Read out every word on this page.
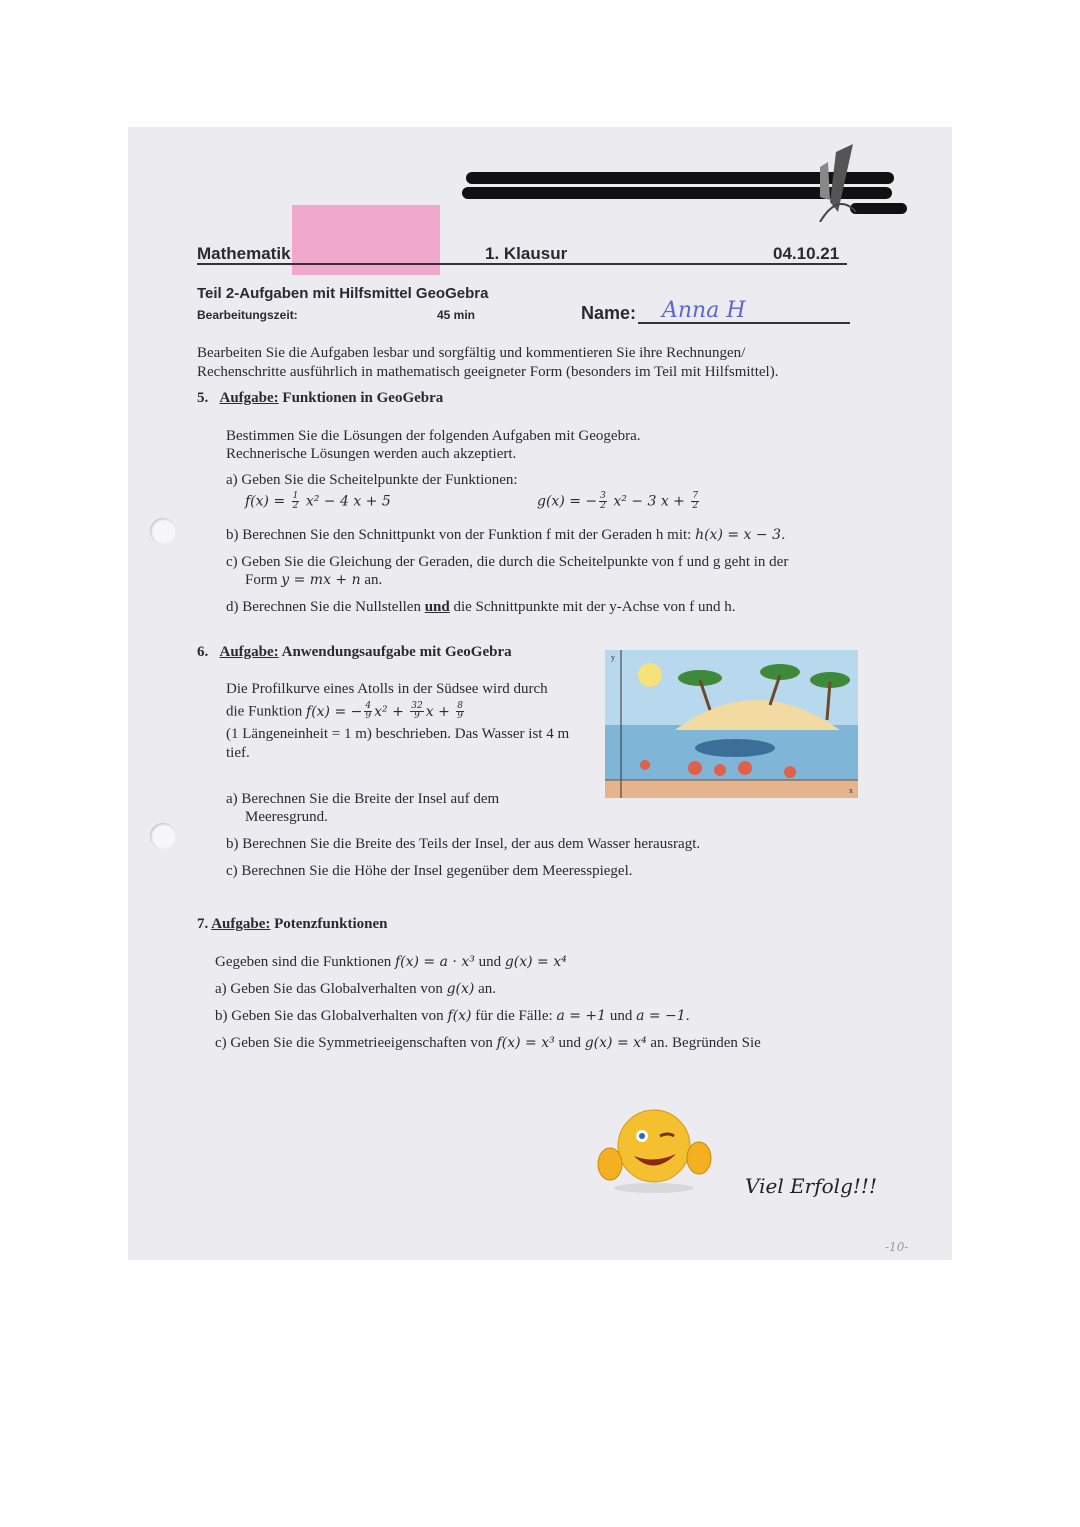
Mathematik	1. Klausur	04.10.21
Teil 2-Aufgaben mit Hilfsmittel GeoGebra
Bearbeitungszeit:	45 min	Name: Anna H
Bearbeiten Sie die Aufgaben lesbar und sorgfältig und kommentieren Sie ihre Rechnungen/
Rechenschritte ausführlich in mathematisch geeigneter Form (besonders im Teil mit Hilfsmittel).
5. Aufgabe: Funktionen in GeoGebra
Bestimmen Sie die Lösungen der folgenden Aufgaben mit Geogebra.
Rechnerische Lösungen werden auch akzeptiert.
a) Geben Sie die Scheitelpunkte der Funktionen:
$f(x) = \frac{1}{2} x^2 - 4$ x + 5	g(x) = − $\frac{3}{2} x^2 - 3$ $x + \frac{7}{2}$
b) Berechnen Sie den Schnittpunkt von der Funktion f mit der Geraden h mit: h(x) = x − 3.
c) Geben Sie die Gleichung der Geraden, die durch die Scheitelpunkte von f und g geht in der
Form y = mx + n an.
d) Berechnen Sie die Nullstellen und die Schnittpunkte mit der y-Achse von f und h.
6. Aufgabe: Anwendungsaufgabe mit GeoGebra
Die Profilkurve eines Atolls in der Südsee wird durch
die Funktion f(x) = − $\frac{4}{9} x^2 + \frac{32}{9}$ $x + \frac{8}{9}$
(1 Längeneinheit = 1 m) beschrieben. Das Wasser ist 4 m
tief.
y
x
a) Berechnen Sie die Breite der Insel auf dem
Meeresgrund.
b) Berechnen Sie die Breite des Teils der Insel, der aus dem Wasser herausragt.
c) Berechnen Sie die Höhe der Insel gegenüber dem Meeresspiegel.
7. Aufgabe: Potenzfunktionen
Gegeben sind die Funktionen f(x) = a · x³ und g(x) = x⁴
a) Geben Sie das Globalverhalten von g(x) an.
b) Geben Sie das Globalverhalten von f(x) für die Fälle: a = +1 und a = −1.
c) Geben Sie die Symmetrieeigenschaften von f(x) = x³ und g(x) = x⁴ an. Begründen Sie
Viel Erfolg!!!
-10-
